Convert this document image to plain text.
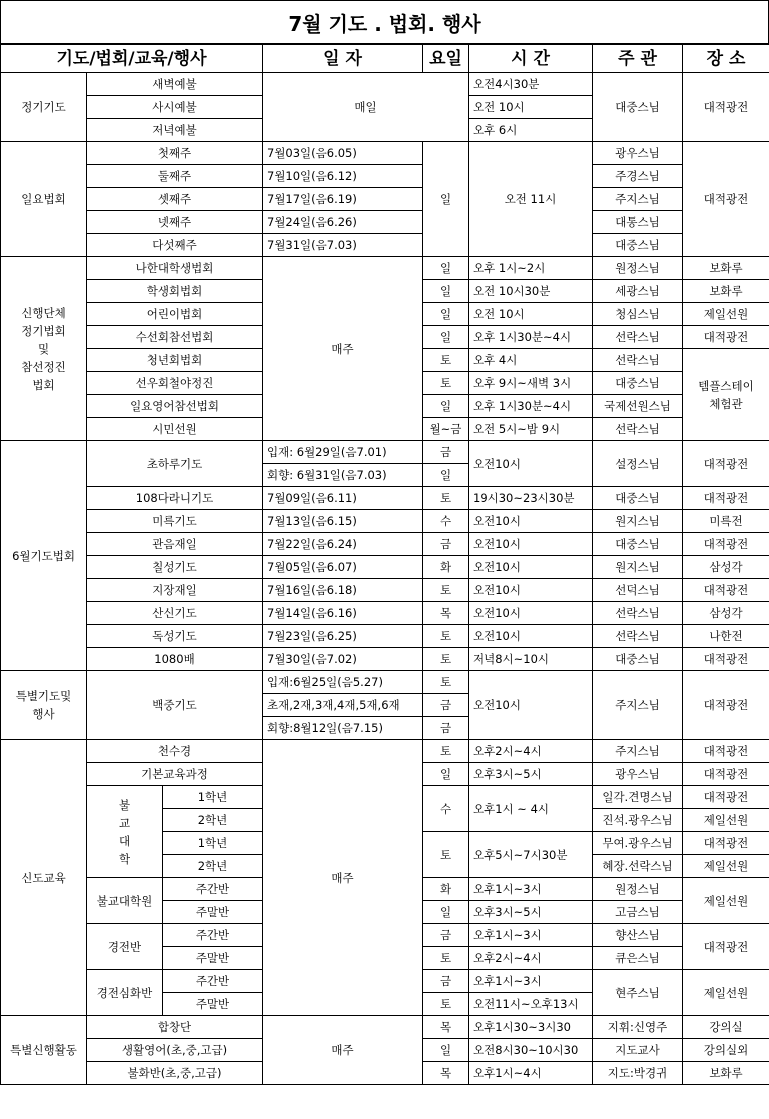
7월 기도 . 법회. 행사
기도/법회/교육/행사			일 자	요일	시 간	주 관	장 소
정기기도	새벽예불		매일		오전4시30분	대중스님	대적광전
	사시예불				오전 10시		
	저녁예불				오후 6시		
일요법회	첫째주		7월03일(음6.05)	일	오전 11시	광우스님	대적광전
	둘째주		7월10일(음6.12)			주경스님	
	셋째주		7월17일(음6.19)			주지스님	
	넷째주		7월24일(음6.26)			대통스님	
	다섯째주		7월31일(음7.03)			대중스님	

신행단체
정기법회
및
참선정진
법회	나한대학생법회		매주	일	오후 1시~2시	원정스님	보화루
	학생회법회			일	오전 10시30분	세광스님	보화루
	어린이법회			일	오전 10시	청심스님	제일선원
	수선회참선법회			일	오후 1시30분~4시	선락스님	대적광전
	청년회법회			토	오후 4시	선락스님	템플스테이
체험관

	선우회철야정진			토	오후 9시~새벽 3시	대중스님	
	일요영어참선법회			일	오후 1시30분~4시	국제선원스님	
	시민선원			월~금	오전 5시~밤 9시	선락스님	
6월기도법회	초하루기도		입재: 6월29일(음7.01)	금	오전10시	설정스님	대적광전
			회향: 6월31일(음7.03)	일			
	108다라니기도		7월09일(음6.11)	토	19시30~23시30분	대중스님	대적광전
	미륵기도		7월13일(음6.15)	수	오전10시	원지스님	미륵전
	관음재일		7월22일(음6.24)	금	오전10시	대중스님	대적광전
	칠성기도		7월05일(음6.07)	화	오전10시	원지스님	삼성각
	지장재일		7월16일(음6.18)	토	오전10시	선덕스님	대적광전
	산신기도		7월14일(음6.16)	목	오전10시	선락스님	삼성각
	독성기도		7월23일(음6.25)	토	오전10시	선락스님	나한전
	1080배		7월30일(음7.02)	토	저녁8시~10시	대중스님	대적광전

특별기도및
행사	백중기도		입재:6월25일(음5.27)	토	오전10시	주지스님	대적광전
			초재,2재,3재,4재,5재,6재	금			
			회향:8월12일(음7.15)	금			
신도교육	천수경		매주	토	오후2시~4시	주지스님	대적광전
	기본교육과정			일	오후3시~5시	광우스님	대적광전

	불
교
대
학	1학년		수	오후1시 ~ 4시	일각.견명스님	대적광전
		2학년				진석.광우스님	제일선원
		1학년		토	오후5시~7시30분	무여.광우스님	대적광전
		2학년				혜장.선락스님	제일선원
	불교대학원	주간반		화	오후1시~3시	원정스님	제일선원
		주말반		일	오후3시~5시	고금스님	
	경전반	주간반		금	오후1시~3시	향산스님	대적광전
		주말반		토	오후2시~4시	큐은스님	
	경전심화반	주간반		금	오후1시~3시	현주스님	제일선원
		주말반		토	오전11시~오후13시		
특별신행활동	합창단		매주	목	오후1시30~3시30	지휘:신영주	강의실
	생활영어(초,중,고급)			일	오전8시30~10시30	지도교사	강의실외
	불화반(초,중,고급)			목	오후1시~4시	지도:박경귀	보화루
